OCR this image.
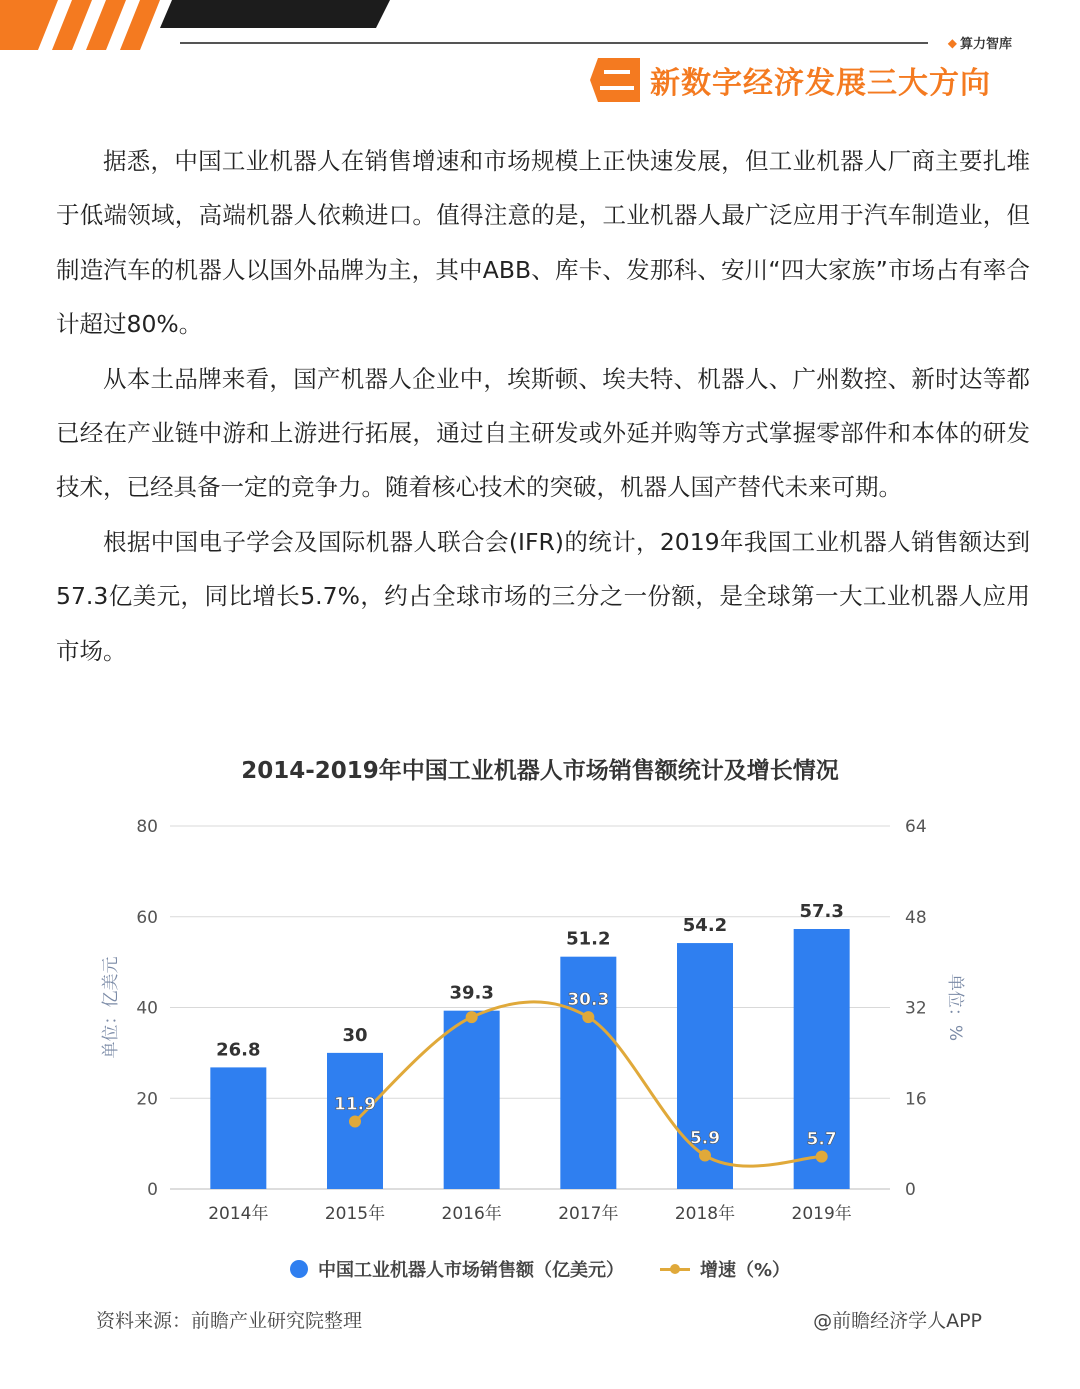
◆ 算力智库
新数字经济发展三大方向

据悉，中国工业机器人在销售增速和市场规模上正快速发展，但工业机器人厂商主要扎堆于低端领域，高端机器人依赖进口。值得注意的是，工业机器人最广泛应用于汽车制造业，但制造汽车的机器人以国外品牌为主，其中ABB、库卡、发那科、安川“四大家族”市场占有率合计超过80%。

从本土品牌来看，国产机器人企业中，埃斯顿、埃夫特、机器人、广州数控、新时达等都已经在产业链中游和上游进行拓展，通过自主研发或外延并购等方式掌握零部件和本体的研发技术，已经具备一定的竞争力。随着核心技术的突破，机器人国产替代未来可期。

根据中国电子学会及国际机器人联合会(IFR)的统计，2019年我国工业机器人销售额达到57.3亿美元，同比增长5.7%，约占全球市场的三分之一份额，是全球第一大工业机器人应用市场。

2014-2019年中国工业机器人市场销售额统计及增长情况
0
20
40
60
80
0
16
32
48
64
单位：亿美元	单位：%
26.8
2014年
30
2015年
39.3
2016年
51.2
2017年
54.2
2018年
57.3
2019年
11.9
30.3
5.9	5.7
中国工业机器人市场销售额（亿美元）	增速（%）
资料来源：前瞻产业研究院整理	@前瞻经济学人APP
